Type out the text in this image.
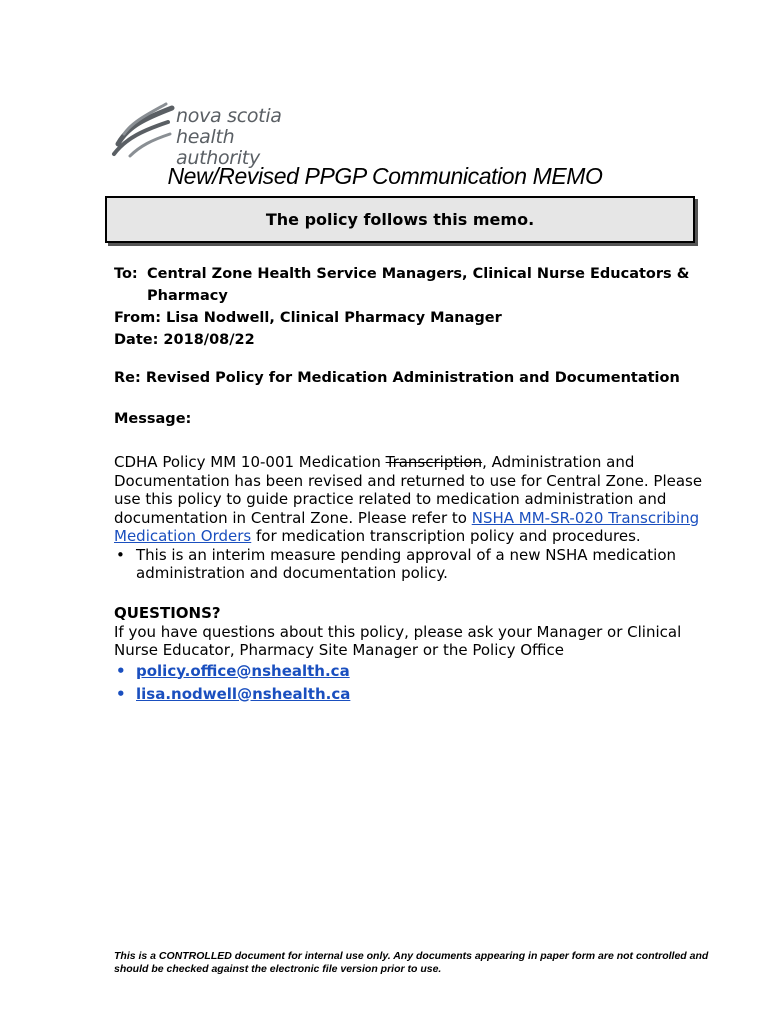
nova scotia
health authority
New/Revised PPGP Communication MEMO
The policy follows this memo.
To: Central Zone Health Service Managers, Clinical Nurse Educators &
Pharmacy
From: Lisa Nodwell, Clinical Pharmacy Manager
Date: 2018/08/22
Re: Revised Policy for Medication Administration and Documentation
Message:
CDHA Policy MM 10-001 Medication Transcription, Administration and Documentation has been revised and returned to use for Central Zone. Please use this policy to guide practice related to medication administration and documentation in Central Zone. Please refer to NSHA MM-SR-020 Transcribing Medication Orders for medication transcription policy and procedures.
• This is an interim measure pending approval of a new NSHA medication administration and documentation policy.
QUESTIONS?
If you have questions about this policy, please ask your Manager or Clinical Nurse Educator, Pharmacy Site Manager or the Policy Office
• policy.office@nshealth.ca
• lisa.nodwell@nshealth.ca
This is a CONTROLLED document for internal use only. Any documents appearing in paper form are not controlled and should be checked against the electronic file version prior to use.
